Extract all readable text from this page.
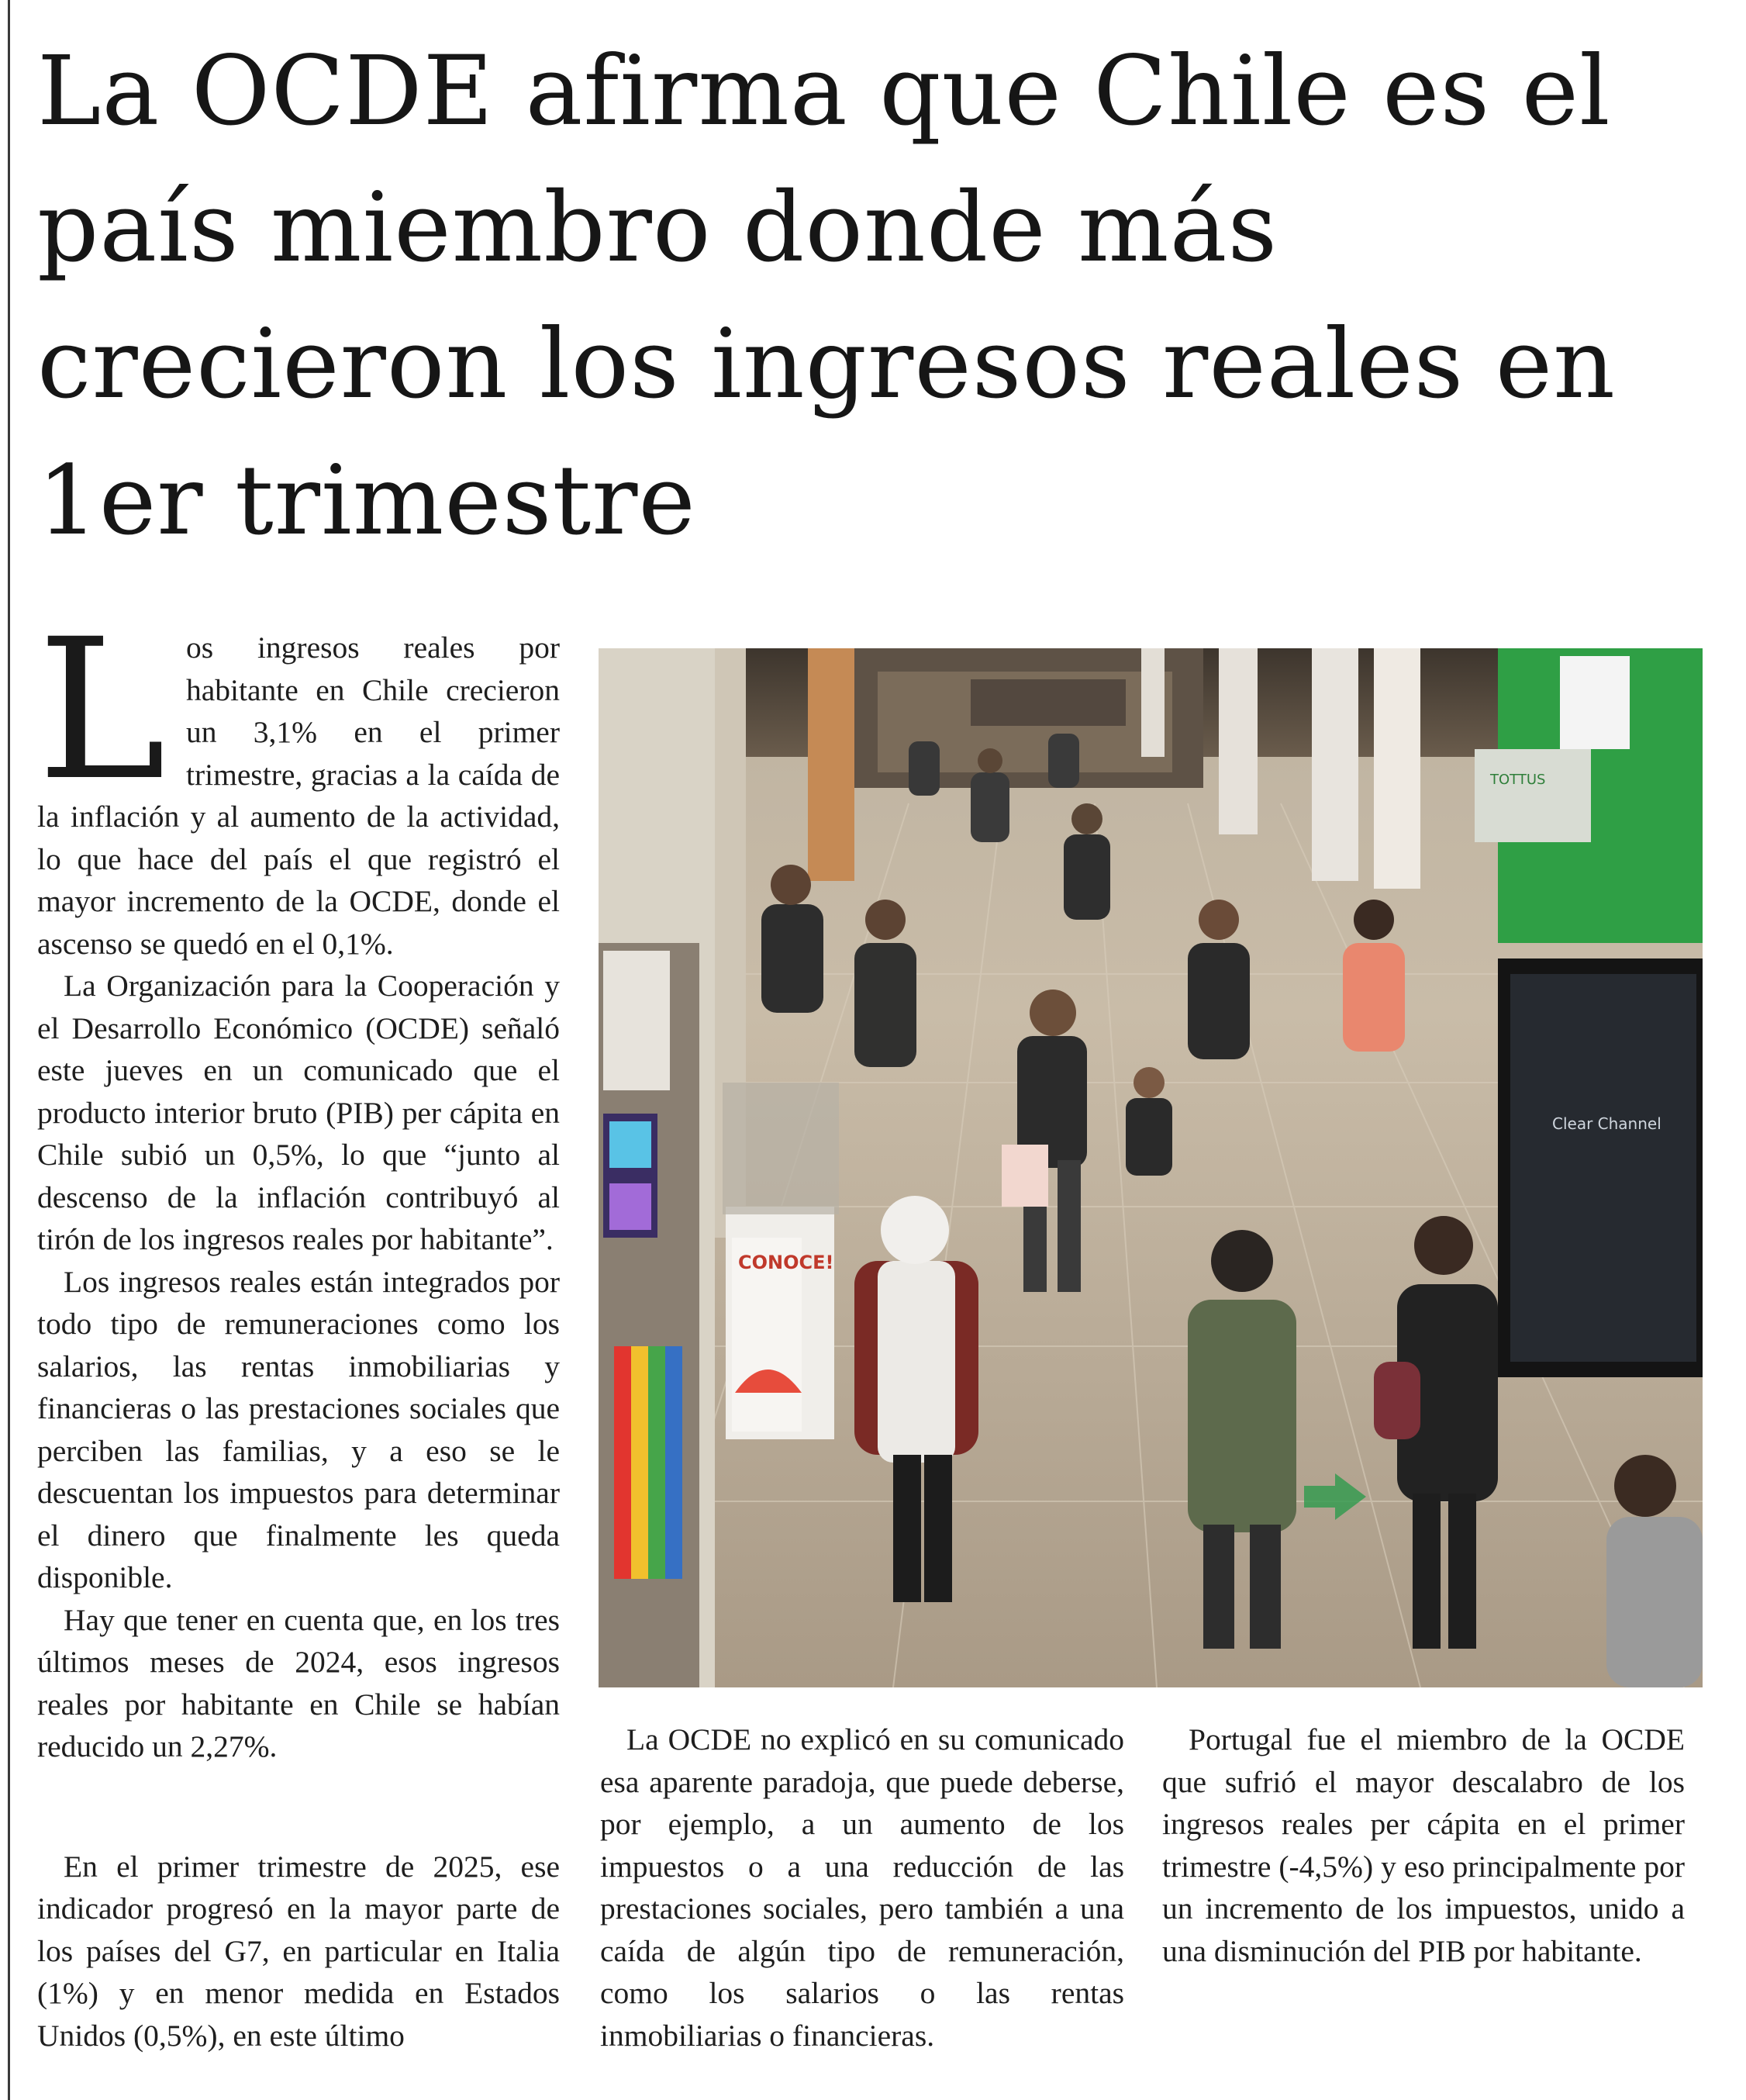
La OCDE afirma que Chile es el país miembro donde más crecieron los ingresos reales en 1er trimestre
L os ingresos reales por habitante en Chile crecieron un 3,1% en el primer trimestre, gracias a la caída de la inflación y al aumento de la actividad, lo que hace del país el que registró el mayor incremento de la OCDE, donde el ascenso se quedó en el 0,1%.

La Organización para la Cooperación y el Desarrollo Económico (OCDE) señaló este jueves en un comunicado que el producto interior bruto (PIB) per cápita en Chile subió un 0,5%, lo que “junto al descenso de la inflación contribuyó al tirón de los ingresos reales por habitante”.

Los ingresos reales están integrados por todo tipo de remuneraciones como los salarios, las rentas inmobiliarias y financieras o las prestaciones sociales que perciben las familias, y a eso se le descuentan los impuestos para determinar el dinero que finalmente les queda disponible.

Hay que tener en cuenta que, en los tres últimos meses de 2024, esos ingresos reales por habitante en Chile se habían reducido un 2,27%.

En el primer trimestre de 2025, ese indicador progresó en la mayor parte de los países del G7, en particular en Italia (1%) y en menor medida en Estados Unidos (0,5%), en este último

CONOCE!
TOTTUS
Clear Channel

La OCDE no explicó en su comunicado esa aparente paradoja, que puede deberse, por ejemplo, a un aumento de los impuestos o a una reducción de las prestaciones sociales, pero también a una caída de algún tipo de remuneración, como los salarios o las rentas inmobiliarias o financieras.

Portugal fue el miembro de la OCDE que sufrió el mayor descalabro de los ingresos reales per cápita en el primer trimestre (-4,5%) y eso principalmente por un incremento de los impuestos, unido a una disminución del PIB por habitante.
